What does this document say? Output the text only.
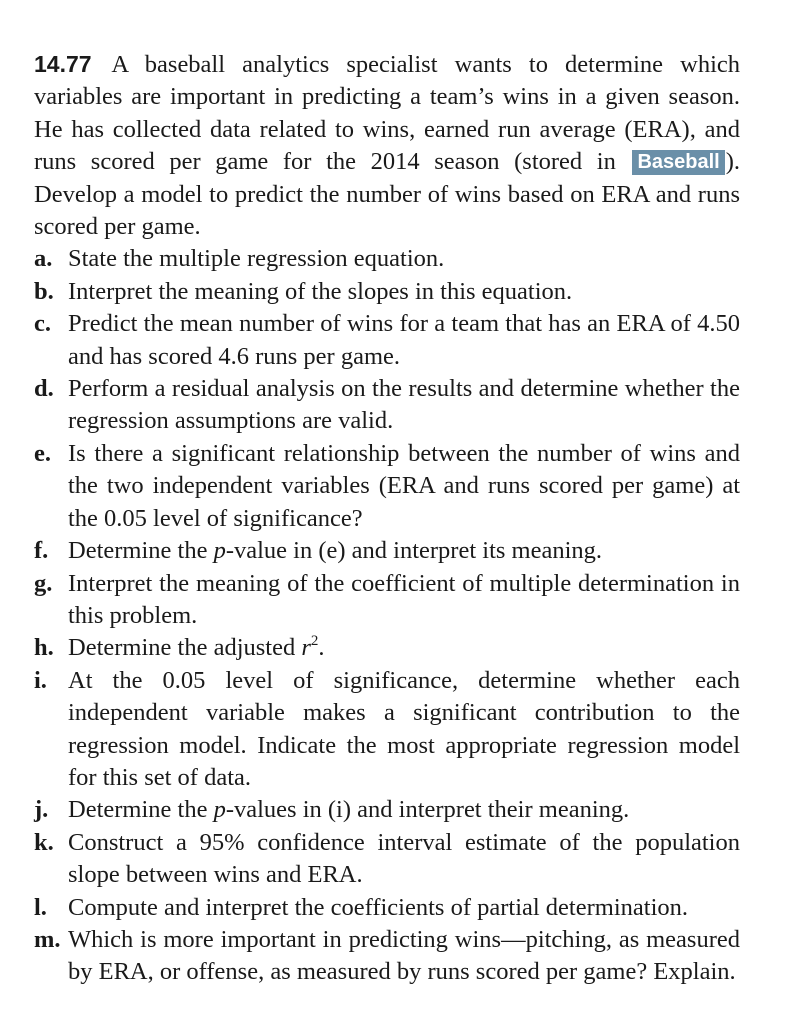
14.77 A baseball analytics specialist wants to determine which variables are important in predicting a team’s wins in a given season. He has collected data related to wins, earned run average (ERA), and runs scored per game for the 2014 season (stored in Baseball ). Develop a model to predict the number of wins based on ERA and runs scored per game.

a. State the multiple regression equation.
b. Interpret the meaning of the slopes in this equation.
c. Predict the mean number of wins for a team that has an ERA of 4.50 and has scored 4.6 runs per game.
d. Perform a residual analysis on the results and determine whether the regression assumptions are valid.
e. Is there a significant relationship between the number of wins and the two independent variables (ERA and runs scored per game) at the 0.05 level of significance?
f. Determine the p-value in (e) and interpret its meaning.
g. Interpret the meaning of the coefficient of multiple determination in this problem.
h. Determine the adjusted $r^2$.
i. At the 0.05 level of significance, determine whether each independent variable makes a significant contribution to the regression model. Indicate the most appropriate regression model for this set of data.
j. Determine the p-values in (i) and interpret their meaning.
k. Construct a 95% confidence interval estimate of the population slope between wins and ERA.
l. Compute and interpret the coefficients of partial determination.
m. Which is more important in predicting wins—pitching, as measured by ERA, or offense, as measured by runs scored per game? Explain.
